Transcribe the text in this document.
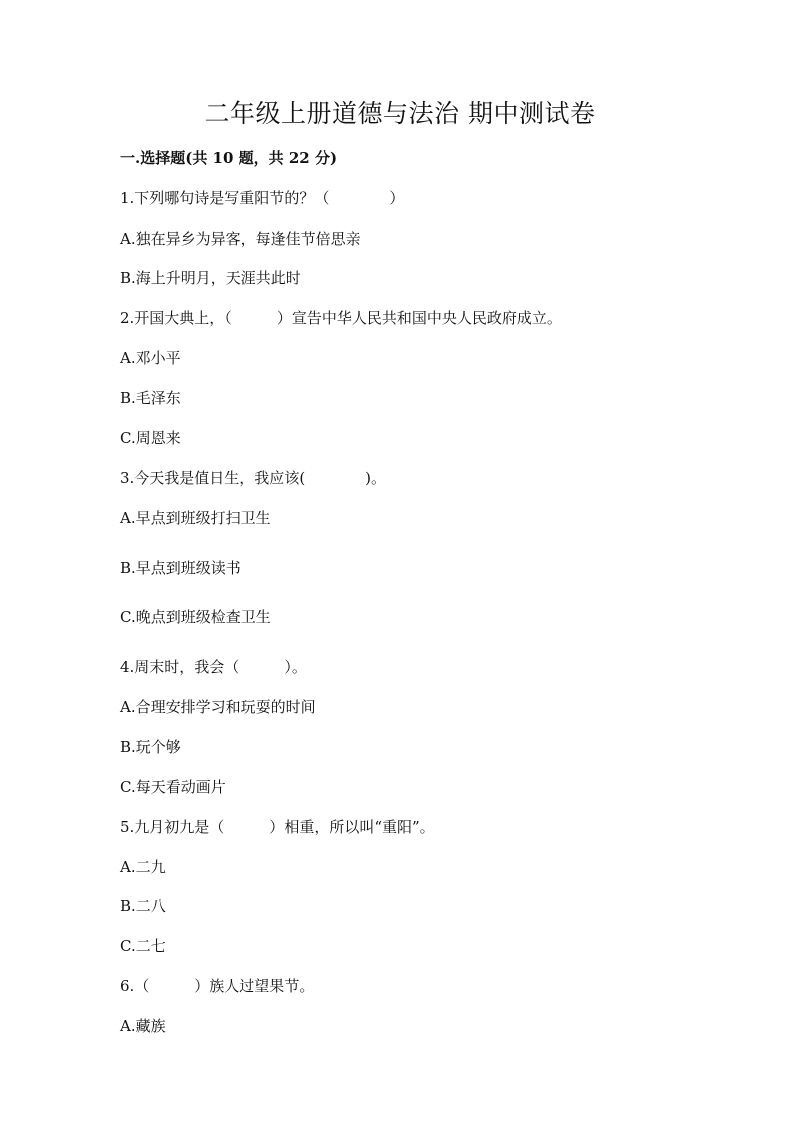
二年级上册道德与法治 期中测试卷

一.选择题(共 10 题，共 22 分)

1.下列哪句诗是写重阳节的？（　　　　）

A.独在异乡为异客，每逢佳节倍思亲

B.海上升明月，天涯共此时

2.开国大典上，（　　　）宣告中华人民共和国中央人民政府成立。

A.邓小平

B.毛泽东

C.周恩来

3.今天我是值日生，我应该(　　　　)。

A.早点到班级打扫卫生

B.早点到班级读书

C.晚点到班级检查卫生

4.周末时，我会（　　　）。

A.合理安排学习和玩耍的时间

B.玩个够

C.每天看动画片

5.九月初九是（　　　）相重，所以叫“重阳”。

A.二九

B.二八

C.二七

6.（　　　）族人过望果节。

A.藏族
